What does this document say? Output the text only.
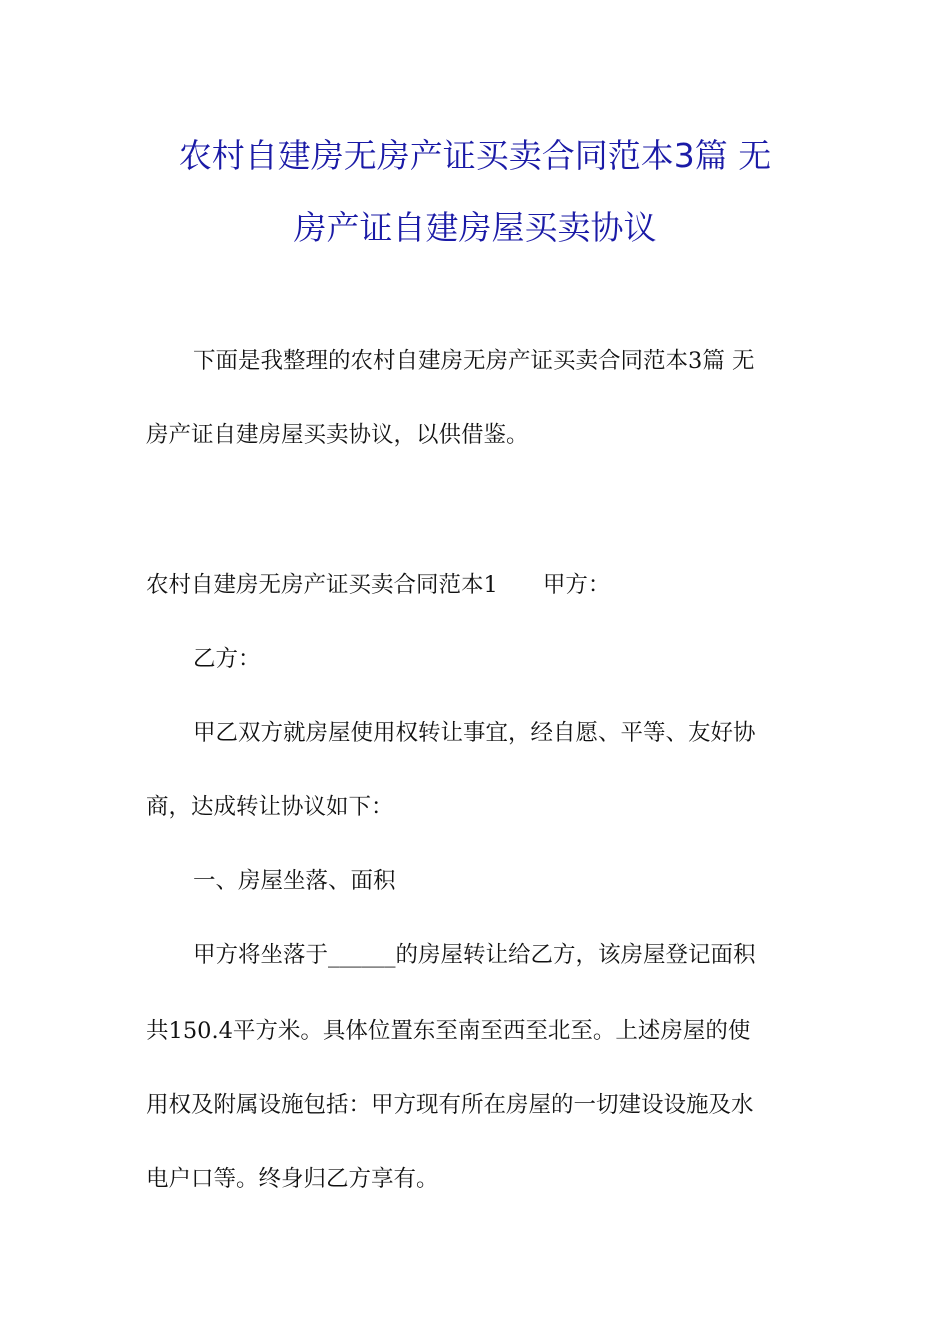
农村自建房无房产证买卖合同范本3篇 无
房产证自建房屋买卖协议
下面是我整理的农村自建房无房产证买卖合同范本3篇 无
房产证自建房屋买卖协议，以供借鉴。
农村自建房无房产证买卖合同范本1　　甲方：
乙方：
甲乙双方就房屋使用权转让事宜，经自愿、平等、友好协
商，达成转让协议如下：
一、房屋坐落、面积
甲方将坐落于______的房屋转让给乙方，该房屋登记面积
共150.4平方米。具体位置东至南至西至北至。上述房屋的使
用权及附属设施包括：甲方现有所在房屋的一切建设设施及水
电户口等。终身归乙方享有。
